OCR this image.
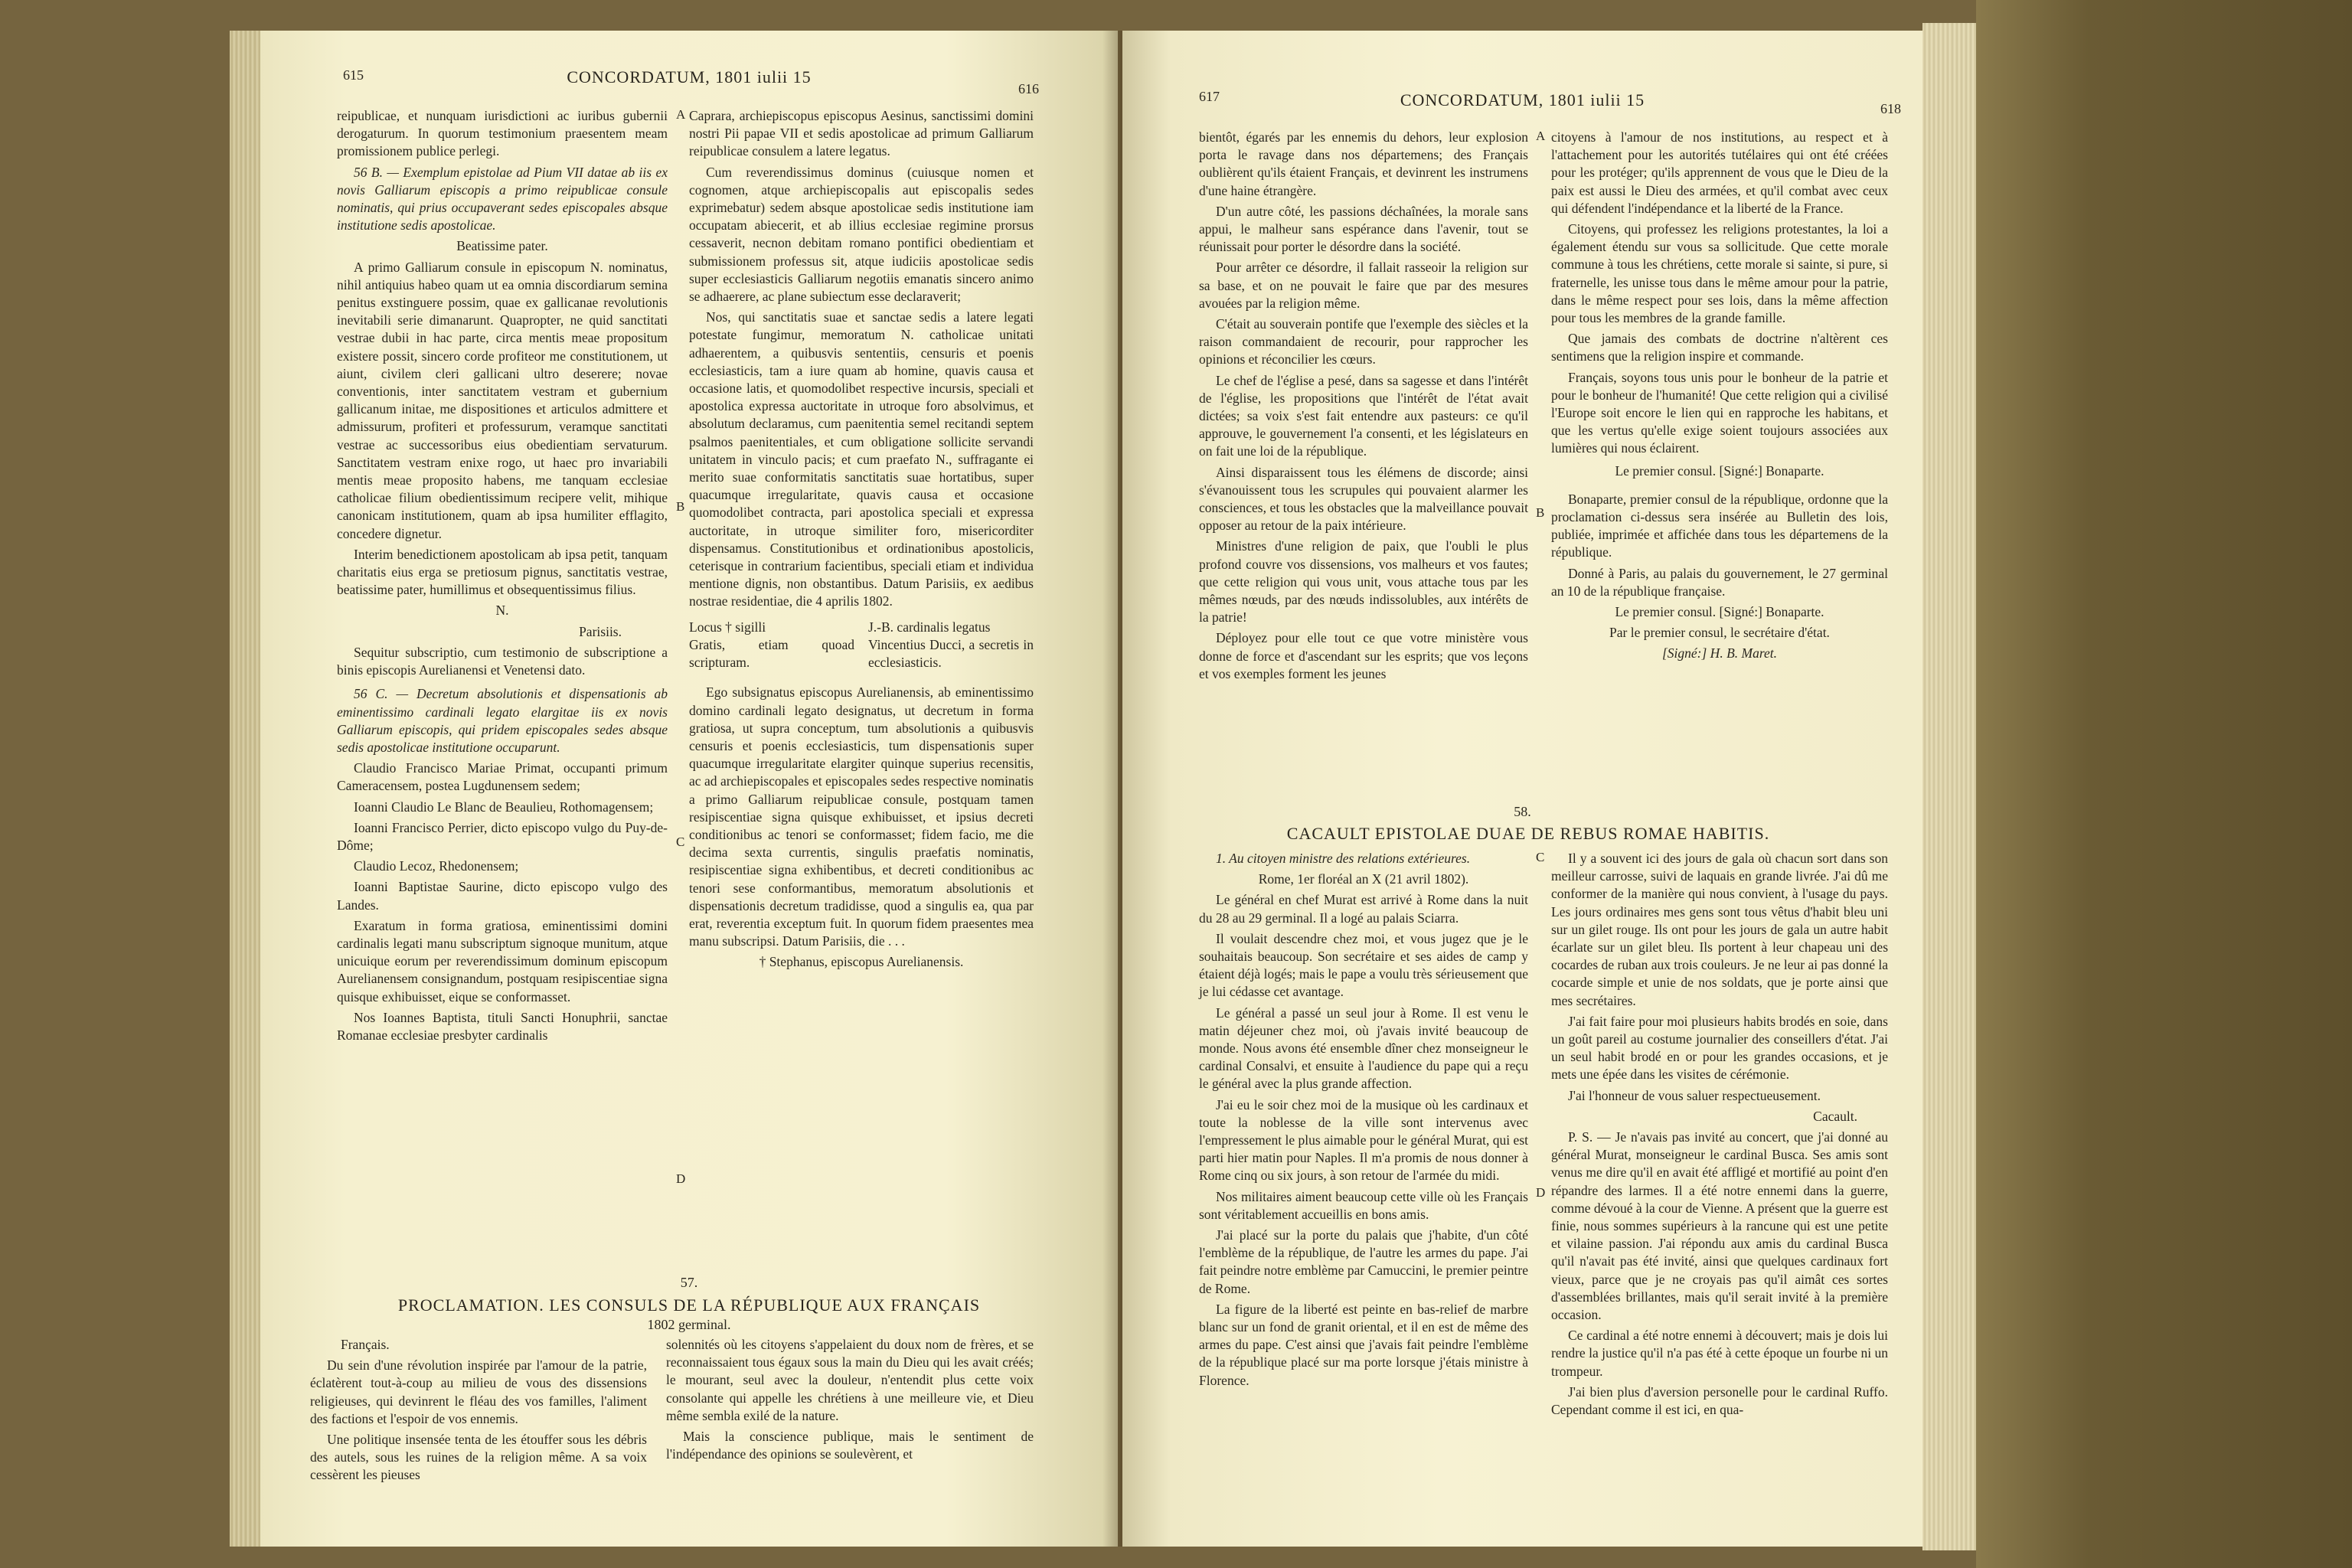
615	CONCORDATUM, 1801 iulii 15
616

reipublicae, et nunquam iurisdictioni ac iuribus gubernii derogaturum. In quorum testimonium praesentem meam promissionem publice perlegi.

56 B. — Exemplum epistolae ad Pium VII datae ab iis ex novis Galliarum episcopis a primo reipublicae consule nominatis, qui prius occupaverant sedes episcopales absque institutione sedis apostolicae.

Beatissime pater.

A primo Galliarum consule in episcopum N. nominatus, nihil antiquius habeo quam ut ea omnia discordiarum semina penitus exstinguere possim, quae ex gallicanae revolutionis inevitabili serie dimanarunt. Quapropter, ne quid sanctitati vestrae dubii in hac parte, circa mentis meae propositum existere possit, sincero corde profiteor me constitutionem, ut aiunt, civilem cleri gallicani ultro deserere; novae conventionis, inter sanctitatem vestram et gubernium gallicanum initae, me dispositiones et articulos admittere et admissurum, profiteri et professurum, veramque sanctitati vestrae ac successoribus eius obedientiam servaturum. Sanctitatem vestram enixe rogo, ut haec pro invariabili mentis meae proposito habens, me tanquam ecclesiae catholicae filium obedientissimum recipere velit, mihique canonicam institutionem, quam ab ipsa humiliter efflagito, concedere dignetur.

Interim benedictionem apostolicam ab ipsa petit, tanquam charitatis eius erga se pretiosum pignus, sanctitatis vestrae, beatissime pater, humillimus et obsequentissimus filius.

N.

Parisiis.

Sequitur subscriptio, cum testimonio de subscriptione a binis episcopis Aurelianensi et Venetensi dato.

56 C. — Decretum absolutionis et dispensationis ab eminentissimo cardinali legato elargitae iis ex novis Galliarum episcopis, qui pridem episcopales sedes absque sedis apostolicae institutione occuparunt.

Claudio Francisco Mariae Primat, occupanti primum Cameracensem, postea Lugdunensem sedem;

Ioanni Claudio Le Blanc de Beaulieu, Rothomagensem;

Ioanni Francisco Perrier, dicto episcopo vulgo du Puy-de-Dôme;

Claudio Lecoz, Rhedonensem;

Ioanni Baptistae Saurine, dicto episcopo vulgo des Landes.

Exaratum in forma gratiosa, eminentissimi domini cardinalis legati manu subscriptum signoque munitum, atque unicuique eorum per reverendissimum dominum episcopum Aurelianensem consignandum, postquam resipiscentiae signa quisque exhibuisset, eique se conformasset.

Nos Ioannes Baptista, tituli Sancti Honuphrii, sanctae Romanae ecclesiae presbyter cardinalis

Caprara, archiepiscopus episcopus Aesinus, sanctissimi domini nostri Pii papae VII et sedis apostolicae ad primum Galliarum reipublicae consulem a latere legatus.

Cum reverendissimus dominus (cuiusque nomen et cognomen, atque archiepiscopalis aut episcopalis sedes exprimebatur) sedem absque apostolicae sedis institutione iam occupatam abiecerit, et ab illius ecclesiae regimine prorsus cessaverit, necnon debitam romano pontifici obedientiam et submissionem professus sit, atque iudiciis apostolicae sedis super ecclesiasticis Galliarum negotiis emanatis sincero animo se adhaerere, ac plane subiectum esse declaraverit;

Nos, qui sanctitatis suae et sanctae sedis a latere legati potestate fungimur, memoratum N. catholicae unitati adhaerentem, a quibusvis sententiis, censuris et poenis ecclesiasticis, tam a iure quam ab homine, quavis causa et occasione latis, et quomodolibet respective incursis, speciali et apostolica expressa auctoritate in utroque foro absolvimus, et absolutum declaramus, cum paenitentia semel recitandi septem psalmos paenitentiales, et cum obligatione sollicite servandi unitatem in vinculo pacis; et cum praefato N., suffragante ei merito suae conformitatis sanctitatis suae hortatibus, super quacumque irregularitate, quavis causa et occasione quomodolibet contracta, pari apostolica speciali et expressa auctoritate, in utroque similiter foro, misericorditer dispensamus. Constitutionibus et ordinationibus apostolicis, ceterisque in contrarium facientibus, speciali etiam et individua mentione dignis, non obstantibus. Datum Parisiis, ex aedibus nostrae residentiae, die 4 aprilis 1802.

Locus † sigilli
Gratis, etiam quoad scripturam.
J.-B. cardinalis legatus
Vincentius Ducci, a secretis in ecclesiasticis.

Ego subsignatus episcopus Aurelianensis, ab eminentissimo domino cardinali legato designatus, ut decretum in forma gratiosa, ut supra conceptum, tum absolutionis a quibusvis censuris et poenis ecclesiasticis, tum dispensationis super quacumque irregularitate elargiter quinque superius recensitis, ac ad archiepiscopales et episcopales sedes respective nominatis a primo Galliarum reipublicae consule, postquam tamen resipiscentiae signa quisque exhibuisset, et ipsius decreti conditionibus ac tenori se conformasset; fidem facio, me die decima sexta currentis, singulis praefatis nominatis, resipiscentiae signa exhibentibus, et decreti conditionibus ac tenori sese conformantibus, memoratum absolutionis et dispensationis decretum tradidisse, quod a singulis ea, qua par erat, reverentia exceptum fuit. In quorum fidem praesentes mea manu subscripsi. Datum Parisiis, die . . .

† Stephanus, episcopus Aurelianensis.

57.
PROCLAMATION. LES CONSULS DE LA RÉPUBLIQUE AUX FRANÇAIS
1802 germinal.

Français.

Du sein d'une révolution inspirée par l'amour de la patrie, éclatèrent tout-à-coup au milieu de vous des dissensions religieuses, qui devinrent le fléau des vos familles, l'aliment des factions et l'espoir de vos ennemis.

Une politique insensée tenta de les étouffer sous les débris des autels, sous les ruines de la religion même. A sa voix cessèrent les pieuses

solennités où les citoyens s'appelaient du doux nom de frères, et se reconnaissaient tous égaux sous la main du Dieu qui les avait créés; le mourant, seul avec la douleur, n'entendit plus cette voix consolante qui appelle les chrétiens à une meilleure vie, et Dieu même sembla exilé de la nature.

Mais la conscience publique, mais le sentiment de l'indépendance des opinions se soulevèrent, et

A
B
C
D
617	CONCORDATUM, 1801 iulii 15	618

bientôt, égarés par les ennemis du dehors, leur explosion porta le ravage dans nos départemens; des Français oublièrent qu'ils étaient Français, et devinrent les instrumens d'une haine étrangère.

D'un autre côté, les passions déchaînées, la morale sans appui, le malheur sans espérance dans l'avenir, tout se réunissait pour porter le désordre dans la société.

Pour arrêter ce désordre, il fallait rasseoir la religion sur sa base, et on ne pouvait le faire que par des mesures avouées par la religion même.

C'était au souverain pontife que l'exemple des siècles et la raison commandaient de recourir, pour rapprocher les opinions et réconcilier les cœurs.

Le chef de l'église a pesé, dans sa sagesse et dans l'intérêt de l'église, les propositions que l'intérêt de l'état avait dictées; sa voix s'est fait entendre aux pasteurs: ce qu'il approuve, le gouvernement l'a consenti, et les législateurs en on fait une loi de la république.

Ainsi disparaissent tous les élémens de discorde; ainsi s'évanouissent tous les scrupules qui pouvaient alarmer les consciences, et tous les obstacles que la malveillance pouvait opposer au retour de la paix intérieure.

Ministres d'une religion de paix, que l'oubli le plus profond couvre vos dissensions, vos malheurs et vos fautes; que cette religion qui vous unit, vous attache tous par les mêmes nœuds, par des nœuds indissolubles, aux intérêts de la patrie!

Déployez pour elle tout ce que votre ministère vous donne de force et d'ascendant sur les esprits; que vos leçons et vos exemples forment les jeunes

citoyens à l'amour de nos institutions, au respect et à l'attachement pour les autorités tutélaires qui ont été créées pour les protéger; qu'ils apprennent de vous que le Dieu de la paix est aussi le Dieu des armées, et qu'il combat avec ceux qui défendent l'indépendance et la liberté de la France.

Citoyens, qui professez les religions protestantes, la loi a également étendu sur vous sa sollicitude. Que cette morale commune à tous les chrétiens, cette morale si sainte, si pure, si fraternelle, les unisse tous dans le même amour pour la patrie, dans le même respect pour ses lois, dans la même affection pour tous les membres de la grande famille.

Que jamais des combats de doctrine n'altèrent ces sentimens que la religion inspire et commande.

Français, soyons tous unis pour le bonheur de la patrie et pour le bonheur de l'humanité! Que cette religion qui a civilisé l'Europe soit encore le lien qui en rapproche les habitans, et que les vertus qu'elle exige soient toujours associées aux lumières qui nous éclairent.

Le premier consul. [Signé:] Bonaparte.

Bonaparte, premier consul de la république, ordonne que la proclamation ci-dessus sera insérée au Bulletin des lois, publiée, imprimée et affichée dans tous les départemens de la république.

Donné à Paris, au palais du gouvernement, le 27 germinal an 10 de la république française.

Le premier consul. [Signé:] Bonaparte.

Par le premier consul, le secrétaire d'état.

[Signé:] H. B. Maret.

58.
CACAULT EPISTOLAE DUAE DE REBUS ROMAE HABITIS.

1. Au citoyen ministre des relations extérieures.

Rome, 1er floréal an X (21 avril 1802).

Le général en chef Murat est arrivé à Rome dans la nuit du 28 au 29 germinal. Il a logé au palais Sciarra.

Il voulait descendre chez moi, et vous jugez que je le souhaitais beaucoup. Son secrétaire et ses aides de camp y étaient déjà logés; mais le pape a voulu très sérieusement que je lui cédasse cet avantage.

Le général a passé un seul jour à Rome. Il est venu le matin déjeuner chez moi, où j'avais invité beaucoup de monde. Nous avons été ensemble dîner chez monseigneur le cardinal Consalvi, et ensuite à l'audience du pape qui a reçu le général avec la plus grande affection.

J'ai eu le soir chez moi de la musique où les cardinaux et toute la noblesse de la ville sont intervenus avec l'empressement le plus aimable pour le général Murat, qui est parti hier matin pour Naples. Il m'a promis de nous donner à Rome cinq ou six jours, à son retour de l'armée du midi.

Nos militaires aiment beaucoup cette ville où les Français sont véritablement accueillis en bons amis.

J'ai placé sur la porte du palais que j'habite, d'un côté l'emblème de la république, de l'autre les armes du pape. J'ai fait peindre notre emblème par Camuccini, le premier peintre de Rome.

La figure de la liberté est peinte en bas-relief de marbre blanc sur un fond de granit oriental, et il en est de même des armes du pape. C'est ainsi que j'avais fait peindre l'emblème de la république placé sur ma porte lorsque j'étais ministre à Florence.

Il y a souvent ici des jours de gala où chacun sort dans son meilleur carrosse, suivi de laquais en grande livrée. J'ai dû me conformer de la manière qui nous convient, à l'usage du pays. Les jours ordinaires mes gens sont tous vêtus d'habit bleu uni sur un gilet rouge. Ils ont pour les jours de gala un autre habit écarlate sur un gilet bleu. Ils portent à leur chapeau uni des cocardes de ruban aux trois couleurs. Je ne leur ai pas donné la cocarde simple et unie de nos soldats, que je porte ainsi que mes secrétaires.

J'ai fait faire pour moi plusieurs habits brodés en soie, dans un goût pareil au costume journalier des conseillers d'état. J'ai un seul habit brodé en or pour les grandes occasions, et je mets une épée dans les visites de cérémonie.

J'ai l'honneur de vous saluer respectueusement.

Cacault.

P. S. — Je n'avais pas invité au concert, que j'ai donné au général Murat, monseigneur le cardinal Busca. Ses amis sont venus me dire qu'il en avait été affligé et mortifié au point d'en répandre des larmes. Il a été notre ennemi dans la guerre, comme dévoué à la cour de Vienne. A présent que la guerre est finie, nous sommes supérieurs à la rancune qui est une petite et vilaine passion. J'ai répondu aux amis du cardinal Busca qu'il n'avait pas été invité, ainsi que quelques cardinaux fort vieux, parce que je ne croyais pas qu'il aimât ces sortes d'assemblées brillantes, mais qu'il serait invité à la première occasion.

Ce cardinal a été notre ennemi à découvert; mais je dois lui rendre la justice qu'il n'a pas été à cette époque un fourbe ni un trompeur.

J'ai bien plus d'aversion personelle pour le cardinal Ruffo. Cependant comme il est ici, en qua-

A
B
C
D
